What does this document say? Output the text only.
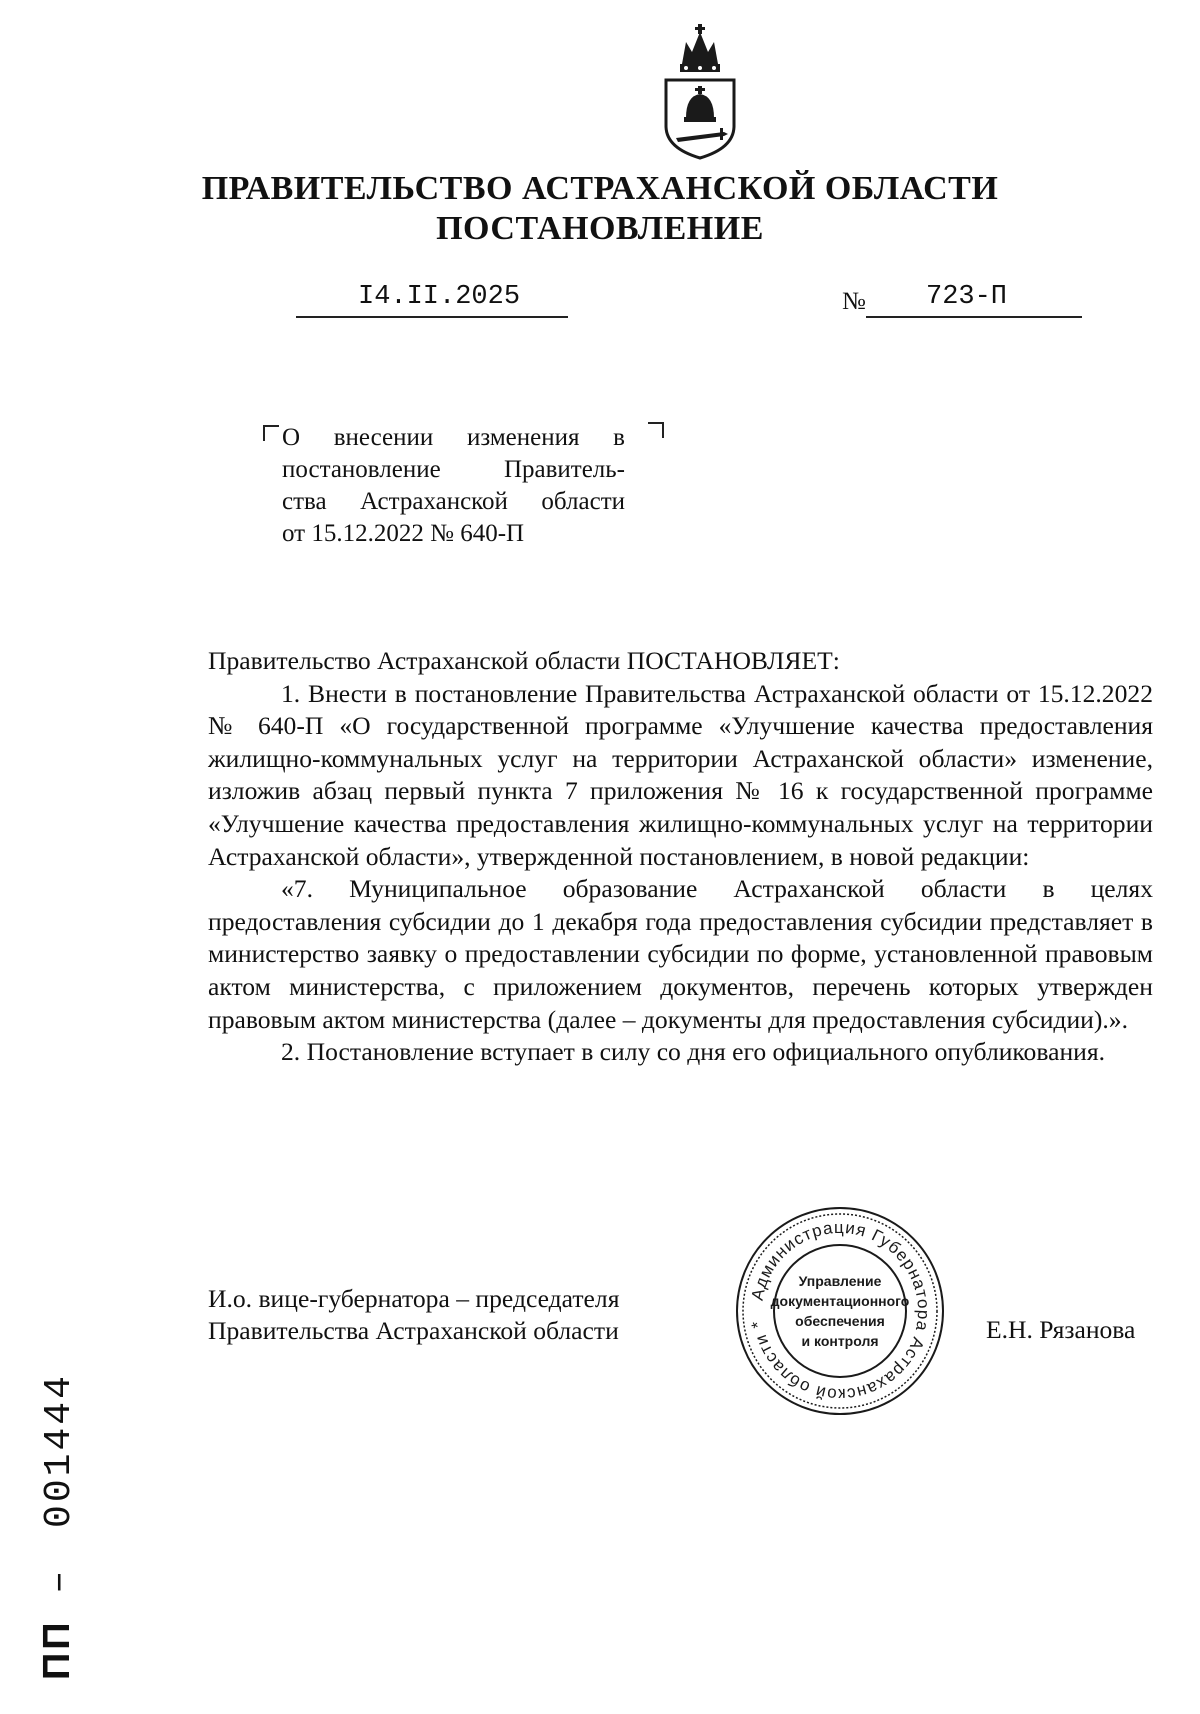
ПРАВИТЕЛЬСТВО АСТРАХАНСКОЙ ОБЛАСТИ
ПОСТАНОВЛЕНИЕ
I4.II.2025	№ 723-П
О внесении изменения в
постановление Правитель-
ства Астраханской области
от 15.12.2022 № 640-П

Правительство Астраханской области ПОСТАНОВЛЯЕТ:

1. Внести в постановление Правительства Астраханской области от 15.12.2022 № 640-П «О государственной программе «Улучшение качества предоставления жилищно-коммунальных услуг на территории Астраханской области» изменение, изложив абзац первый пункта 7 приложения № 16 к государственной программе «Улучшение качества предоставления жилищно-коммунальных услуг на территории Астраханской области», утвержденной постановлением, в новой редакции:

«7. Муниципальное образование Астраханской области в целях предоставления субсидии до 1 декабря года предоставления субсидии представляет в министерство заявку о предоставлении субсидии по форме, установленной правовым актом министерства, с приложением документов, перечень которых утвержден правовым актом министерства (далее – документы для предоставления субсидии).».

2. Постановление вступает в силу со дня его официального опубликования.

И.о. вице-губернатора – председателя
Правительства Астраханской области	Е.Н. Рязанова
Администрация Губернатора Астраханской области *
Управление
документационного
обеспечения
и контроля
ПП – 001444
